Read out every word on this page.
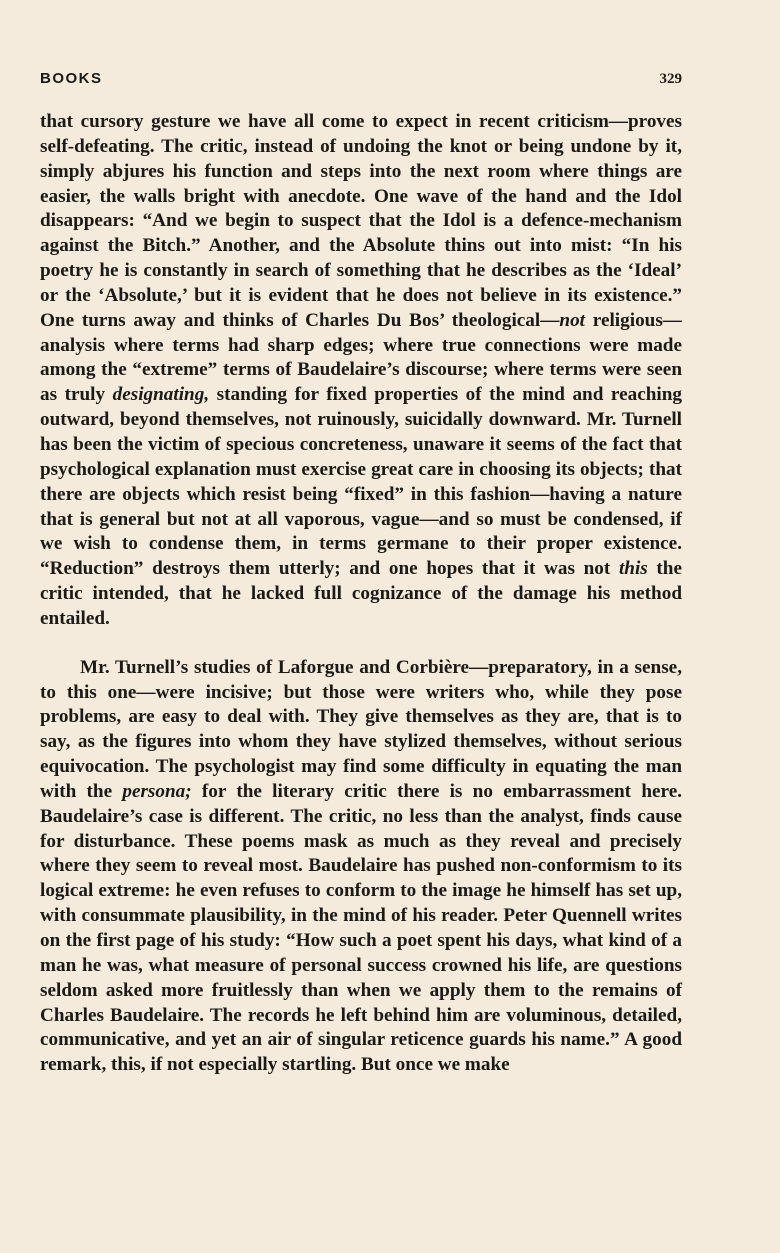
BOOKS	329

that cursory gesture we have all come to expect in recent criticism—proves self-defeating. The critic, instead of undoing the knot or being undone by it, simply abjures his function and steps into the next room where things are easier, the walls bright with anecdote. One wave of the hand and the Idol disappears: “And we begin to suspect that the Idol is a defence-mechanism against the Bitch.” Another, and the Absolute thins out into mist: “In his poetry he is constantly in search of something that he describes as the ‘Ideal’ or the ‘Absolute,’ but it is evident that he does not believe in its existence.” One turns away and thinks of Charles Du Bos’ theological—not religious—analysis where terms had sharp edges; where true connections were made among the “extreme” terms of Baudelaire’s discourse; where terms were seen as truly designating, standing for fixed properties of the mind and reaching outward, beyond themselves, not ruinously, suicidally downward. Mr. Turnell has been the victim of specious concreteness, unaware it seems of the fact that psychological explanation must exercise great care in choosing its objects; that there are objects which resist being “fixed” in this fashion—having a nature that is general but not at all vaporous, vague—and so must be condensed, if we wish to condense them, in terms germane to their proper existence. “Reduction” destroys them utterly; and one hopes that it was not this the critic intended, that he lacked full cognizance of the damage his method entailed.

Mr. Turnell’s studies of Laforgue and Corbière—preparatory, in a sense, to this one—were incisive; but those were writers who, while they pose problems, are easy to deal with. They give themselves as they are, that is to say, as the figures into whom they have stylized themselves, without serious equivocation. The psychologist may find some difficulty in equating the man with the persona; for the literary critic there is no embarrassment here. Baudelaire’s case is different. The critic, no less than the analyst, finds cause for disturbance. These poems mask as much as they reveal and precisely where they seem to reveal most. Baudelaire has pushed non-conformism to its logical extreme: he even refuses to conform to the image he himself has set up, with consummate plausibility, in the mind of his reader. Peter Quennell writes on the first page of his study: “How such a poet spent his days, what kind of a man he was, what measure of personal success crowned his life, are questions seldom asked more fruitlessly than when we apply them to the remains of Charles Baudelaire. The records he left behind him are voluminous, detailed, communicative, and yet an air of singular reticence guards his name.” A good remark, this, if not especially startling. But once we make
